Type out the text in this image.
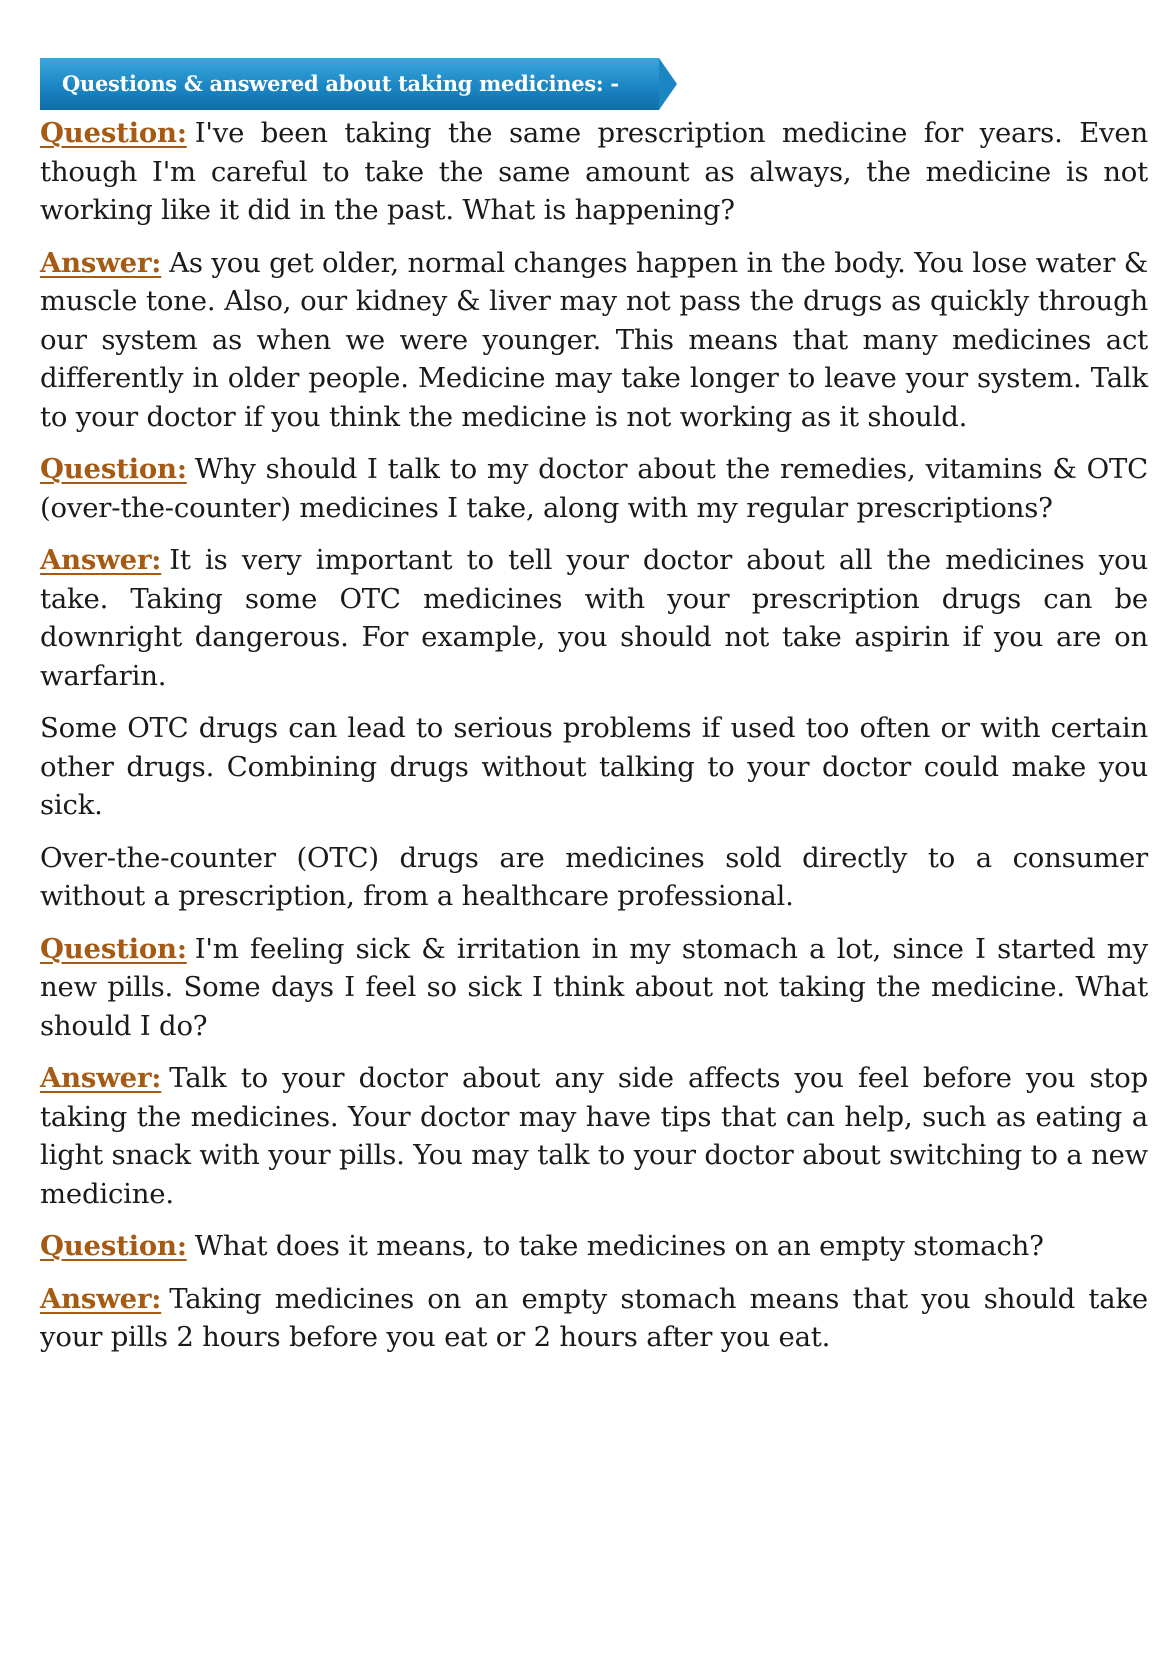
Questions & answered about taking medicines: -

Question: I've been taking the same prescription medicine for years. Even though I'm careful to take the same amount as always, the medicine is not working like it did in the past. What is happening?

Answer: As you get older, normal changes happen in the body. You lose water & muscle tone. Also, our kidney & liver may not pass the drugs as quickly through our system as when we were younger. This means that many medicines act differently in older people. Medicine may take longer to leave your system. Talk to your doctor if you think the medicine is not working as it should.

Question: Why should I talk to my doctor about the remedies, vitamins & OTC (over-the-counter) medicines I take, along with my regular prescriptions?

Answer: It is very important to tell your doctor about all the medicines you take. Taking some OTC medicines with your prescription drugs can be downright dangerous. For example, you should not take aspirin if you are on warfarin.

Some OTC drugs can lead to serious problems if used too often or with certain other drugs. Combining drugs without talking to your doctor could make you sick.

Over-the-counter (OTC) drugs are medicines sold directly to a consumer without a prescription, from a healthcare professional.

Question: I'm feeling sick & irritation in my stomach a lot, since I started my new pills. Some days I feel so sick I think about not taking the medicine. What should I do?

Answer: Talk to your doctor about any side affects you feel before you stop taking the medicines. Your doctor may have tips that can help, such as eating a light snack with your pills. You may talk to your doctor about switching to a new medicine.

Question: What does it means, to take medicines on an empty stomach?

Answer: Taking medicines on an empty stomach means that you should take your pills 2 hours before you eat or 2 hours after you eat.
